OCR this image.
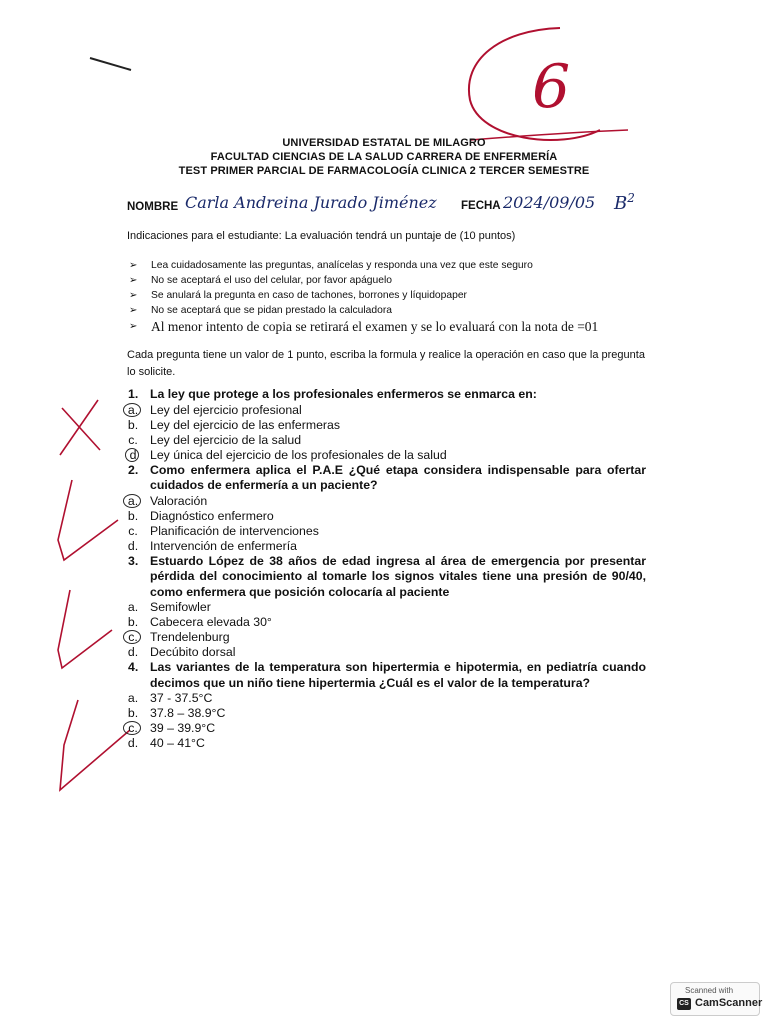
6
UNIVERSIDAD ESTATAL DE MILAGRO
FACULTAD CIENCIAS DE LA SALUD CARRERA DE ENFERMERÍA
TEST PRIMER PARCIAL DE FARMACOLOGÍA CLINICA 2 TERCER SEMESTRE
NOMBRE Carla Andreina Jurado Jiménez FECHA 2024/09/05 $B^2$
Indicaciones para el estudiante: La evaluación tendrá un puntaje de (10 puntos)
➢ Lea cuidadosamente las preguntas, analícelas y responda una vez que este seguro
➢ No se aceptará el uso del celular, por favor apáguelo
➢ Se anulará la pregunta en caso de tachones, borrones y líquidopaper
➢ No se aceptará que se pidan prestado la calculadora
➢ Al menor intento de copia se retirará el examen y se lo evaluará con la nota de =01
Cada pregunta tiene un valor de 1 punto, escriba la formula y realice la operación en caso que la pregunta lo solicite.
1. La ley que protege a los profesionales enfermeros se enmarca en:
a. Ley del ejercicio profesional
b. Ley del ejercicio de las enfermeras
c. Ley del ejercicio de la salud
d Ley única del ejercicio de los profesionales de la salud
2. Como enfermera aplica el P.A.E ¿Qué etapa considera indispensable para ofertar cuidados de enfermería a un paciente?
a. Valoración
b. Diagnóstico enfermero
c. Planificación de intervenciones
d. Intervención de enfermería
3. Estuardo López de 38 años de edad ingresa al área de emergencia por presentar pérdida del conocimiento al tomarle los signos vitales tiene una presión de 90/40, como enfermera que posición colocaría al paciente
a. Semifowler
b. Cabecera elevada 30°
c. Trendelenburg
d. Decúbito dorsal
4. Las variantes de la temperatura son hipertermia e hipotermia, en pediatría cuando decimos que un niño tiene hipertermia ¿Cuál es el valor de la temperatura?
a. 37 - 37.5°C
b. 37.8 – 38.9°C
c. 39 – 39.9°C
d. 40 – 41°C
Scanned with
CS CamScanner
